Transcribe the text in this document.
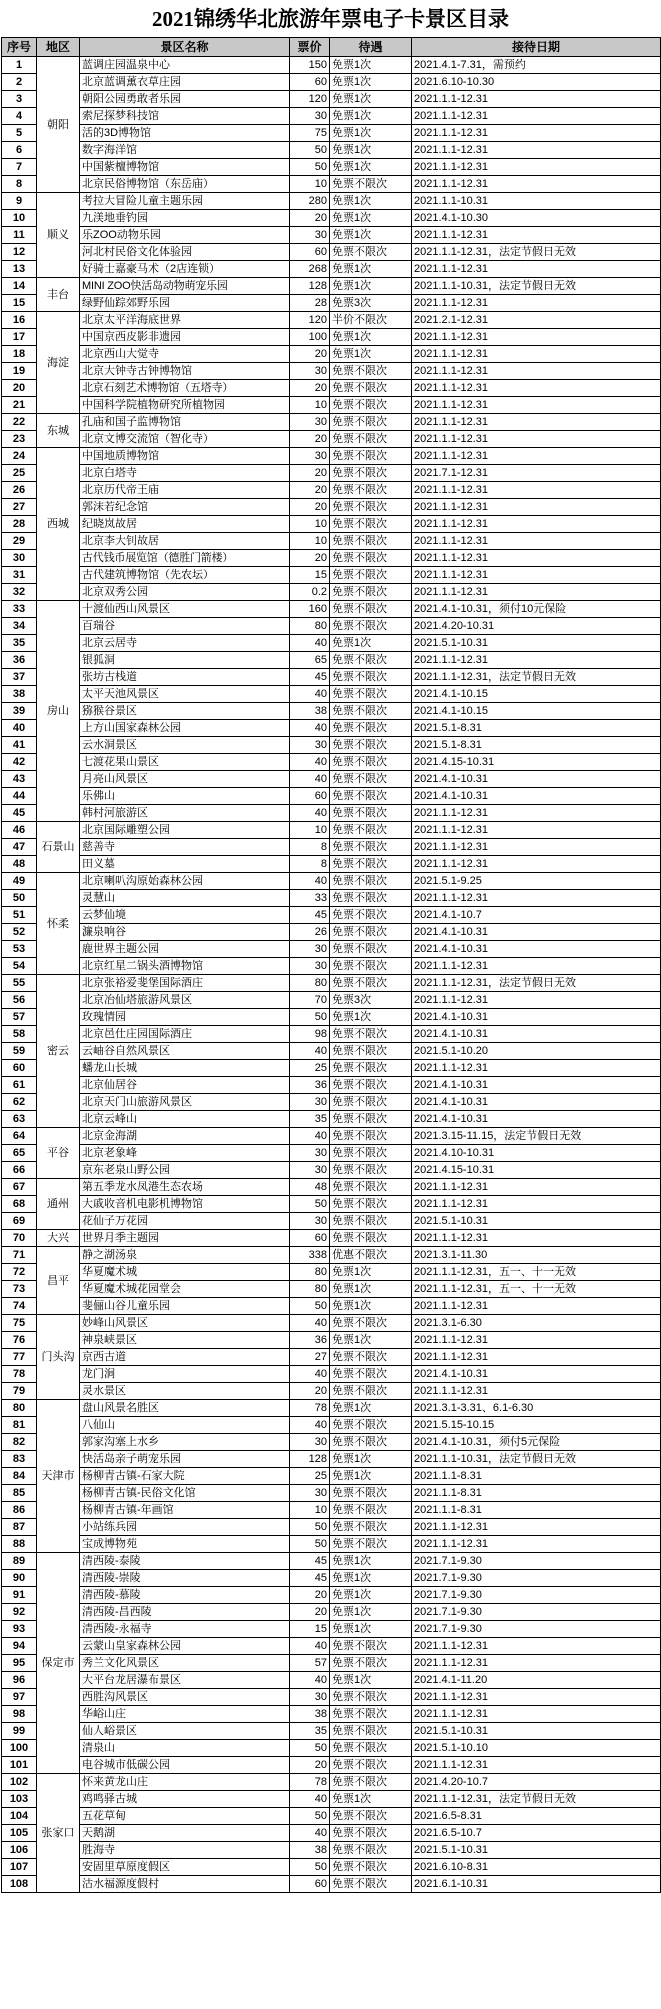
2021锦绣华北旅游年票电子卡景区目录
序号	地区	景区名称	票价	待遇	接待日期
1	朝阳	蓝调庄园温泉中心	150	免票1次	2021.4.1-7.31，需预约
2		北京蓝调薰衣草庄园	60	免票1次	2021.6.10-10.30
3		朝阳公园勇敢者乐园	120	免票1次	2021.1.1-12.31
4		索尼探梦科技馆	30	免票1次	2021.1.1-12.31
5		活的3D博物馆	75	免票1次	2021.1.1-12.31
6		数字海洋馆	50	免票1次	2021.1.1-12.31
7		中国紫檀博物馆	50	免票1次	2021.1.1-12.31
8		北京民俗博物馆（东岳庙）	10	免票不限次	2021.1.1-12.31
9	顺义	考拉大冒险儿童主题乐园	280	免票1次	2021.1.1-10.31
10		九渼地垂钓园	20	免票1次	2021.4.1-10.30
11		乐ZOO动物乐园	30	免票1次	2021.1.1-12.31
12		河北村民俗文化体验园	60	免票不限次	2021.1.1-12.31，法定节假日无效
13		好骑士嘉豪马术（2店连锁）	268	免票1次	2021.1.1-12.31
14	丰台	MINI ZOO快活岛动物萌宠乐园	128	免票1次	2021.1.1-10.31，法定节假日无效
15		绿野仙踪郊野乐园	28	免票3次	2021.1.1-12.31
16	海淀	北京太平洋海底世界	120	半价不限次	2021.2.1-12.31
17		中国京西皮影非遗园	100	免票1次	2021.1.1-12.31
18		北京西山大觉寺	20	免票1次	2021.1.1-12.31
19		北京大钟寺古钟博物馆	30	免票不限次	2021.1.1-12.31
20		北京石刻艺术博物馆（五塔寺）	20	免票不限次	2021.1.1-12.31
21		中国科学院植物研究所植物园	10	免票不限次	2021.1.1-12.31
22	东城	孔庙和国子监博物馆	30	免票不限次	2021.1.1-12.31
23		北京文博交流馆（智化寺）	20	免票不限次	2021.1.1-12.31
24	西城	中国地质博物馆	30	免票不限次	2021.1.1-12.31
25		北京白塔寺	20	免票不限次	2021.7.1-12.31
26		北京历代帝王庙	20	免票不限次	2021.1.1-12.31
27		郭沫若纪念馆	20	免票不限次	2021.1.1-12.31
28		纪晓岚故居	10	免票不限次	2021.1.1-12.31
29		北京李大钊故居	10	免票不限次	2021.1.1-12.31
30		古代钱币展览馆（德胜门箭楼）	20	免票不限次	2021.1.1-12.31
31		古代建筑博物馆（先农坛）	15	免票不限次	2021.1.1-12.31
32		北京双秀公园	0.2	免票不限次	2021.1.1-12.31
33	房山	十渡仙西山风景区	160	免票不限次	2021.4.1-10.31，须付10元保险
34		百瑞谷	80	免票不限次	2021.4.20-10.31
35		北京云居寺	40	免票1次	2021.5.1-10.31
36		银狐洞	65	免票不限次	2021.1.1-12.31
37		张坊古栈道	45	免票不限次	2021.1.1-12.31，法定节假日无效
38		太平天池风景区	40	免票不限次	2021.4.1-10.15
39		猕猴谷景区	38	免票不限次	2021.4.1-10.15
40		上方山国家森林公园	40	免票不限次	2021.5.1-8.31
41		云水洞景区	30	免票不限次	2021.5.1-8.31
42		七渡花果山景区	40	免票不限次	2021.4.15-10.31
43		月亮山风景区	40	免票不限次	2021.4.1-10.31
44		乐佛山	60	免票不限次	2021.4.1-10.31
45		韩村河旅游区	40	免票不限次	2021.1.1-12.31
46	石景山	北京国际雕塑公园	10	免票不限次	2021.1.1-12.31
47		慈善寺	8	免票不限次	2021.1.1-12.31
48		田义墓	8	免票不限次	2021.1.1-12.31
49	怀柔	北京喇叭沟原始森林公园	40	免票不限次	2021.5.1-9.25
50		灵慧山	33	免票不限次	2021.1.1-12.31
51		云梦仙境	45	免票不限次	2021.4.1-10.7
52		濂泉响谷	26	免票不限次	2021.4.1-10.31
53		鹿世界主题公园	30	免票不限次	2021.4.1-10.31
54		北京红星二锅头酒博物馆	30	免票不限次	2021.1.1-12.31
55	密云	北京张裕爱斐堡国际酒庄	80	免票不限次	2021.1.1-12.31，法定节假日无效
56		北京冶仙塔旅游风景区	70	免票3次	2021.1.1-12.31
57		玫瑰情园	50	免票1次	2021.4.1-10.31
58		北京邑仕庄园国际酒庄	98	免票不限次	2021.4.1-10.31
59		云岫谷自然风景区	40	免票不限次	2021.5.1-10.20
60		蟠龙山长城	25	免票不限次	2021.1.1-12.31
61		北京仙居谷	36	免票不限次	2021.4.1-10.31
62		北京天门山旅游风景区	30	免票不限次	2021.4.1-10.31
63		北京云峰山	35	免票不限次	2021.4.1-10.31
64	平谷	北京金海湖	40	免票不限次	2021.3.15-11.15，法定节假日无效
65		北京老象峰	30	免票不限次	2021.4.10-10.31
66		京东老泉山野公园	30	免票不限次	2021.4.15-10.31
67	通州	第五季龙水凤港生态农场	48	免票不限次	2021.1.1-12.31
68		大戚收音机电影机博物馆	50	免票不限次	2021.1.1-12.31
69		花仙子万花园	30	免票不限次	2021.5.1-10.31
70	大兴	世界月季主题园	60	免票不限次	2021.1.1-12.31
71	昌平	静之湖汤泉	338	优惠不限次	2021.3.1-11.30
72		华夏魔术城	80	免票1次	2021.1.1-12.31，五一、十一无效
73		华夏魔术城花园堂会	80	免票1次	2021.1.1-12.31，五一、十一无效
74		斐俪山谷儿童乐园	50	免票1次	2021.1.1-12.31
75	门头沟	妙峰山风景区	40	免票不限次	2021.3.1-6.30
76		神泉峡景区	36	免票1次	2021.1.1-12.31
77		京西古道	27	免票不限次	2021.1.1-12.31
78		龙门涧	40	免票不限次	2021.4.1-10.31
79		灵水景区	20	免票不限次	2021.1.1-12.31
80	天津市	盘山风景名胜区	78	免票1次	2021.3.1-3.31、6.1-6.30
81		八仙山	40	免票不限次	2021.5.15-10.15
82		郭家沟塞上水乡	30	免票不限次	2021.4.1-10.31，须付5元保险
83		快活岛亲子萌宠乐园	128	免票1次	2021.1.1-10.31，法定节假日无效
84		杨柳青古镇-石家大院	25	免票1次	2021.1.1-8.31
85		杨柳青古镇-民俗文化馆	30	免票不限次	2021.1.1-8.31
86		杨柳青古镇-年画馆	10	免票不限次	2021.1.1-8.31
87		小站练兵园	50	免票不限次	2021.1.1-12.31
88		宝成博物苑	50	免票不限次	2021.1.1-12.31
89	保定市	清西陵-泰陵	45	免票1次	2021.7.1-9.30
90		清西陵-崇陵	45	免票1次	2021.7.1-9.30
91		清西陵-慕陵	20	免票1次	2021.7.1-9.30
92		清西陵-昌西陵	20	免票1次	2021.7.1-9.30
93		清西陵-永福寺	15	免票1次	2021.7.1-9.30
94		云蒙山皇家森林公园	40	免票不限次	2021.1.1-12.31
95		秀兰文化风景区	57	免票不限次	2021.1.1-12.31
96		大平台龙居瀑布景区	40	免票1次	2021.4.1-11.20
97		西胜沟风景区	30	免票不限次	2021.1.1-12.31
98		华峪山庄	38	免票不限次	2021.1.1-12.31
99		仙人峪景区	35	免票不限次	2021.5.1-10.31
100		清泉山	50	免票不限次	2021.5.1-10.10
101		电谷城市低碳公园	20	免票不限次	2021.1.1-12.31
102	张家口	怀来黄龙山庄	78	免票不限次	2021.4.20-10.7
103		鸡鸣驿古城	40	免票1次	2021.1.1-12.31，法定节假日无效
104		五花草甸	50	免票不限次	2021.6.5-8.31
105		天鹅湖	40	免票不限次	2021.6.5-10.7
106		胜海寺	38	免票不限次	2021.5.1-10.31
107		安固里草原度假区	50	免票不限次	2021.6.10-8.31
108		沽水福源度假村	60	免票不限次	2021.6.1-10.31
